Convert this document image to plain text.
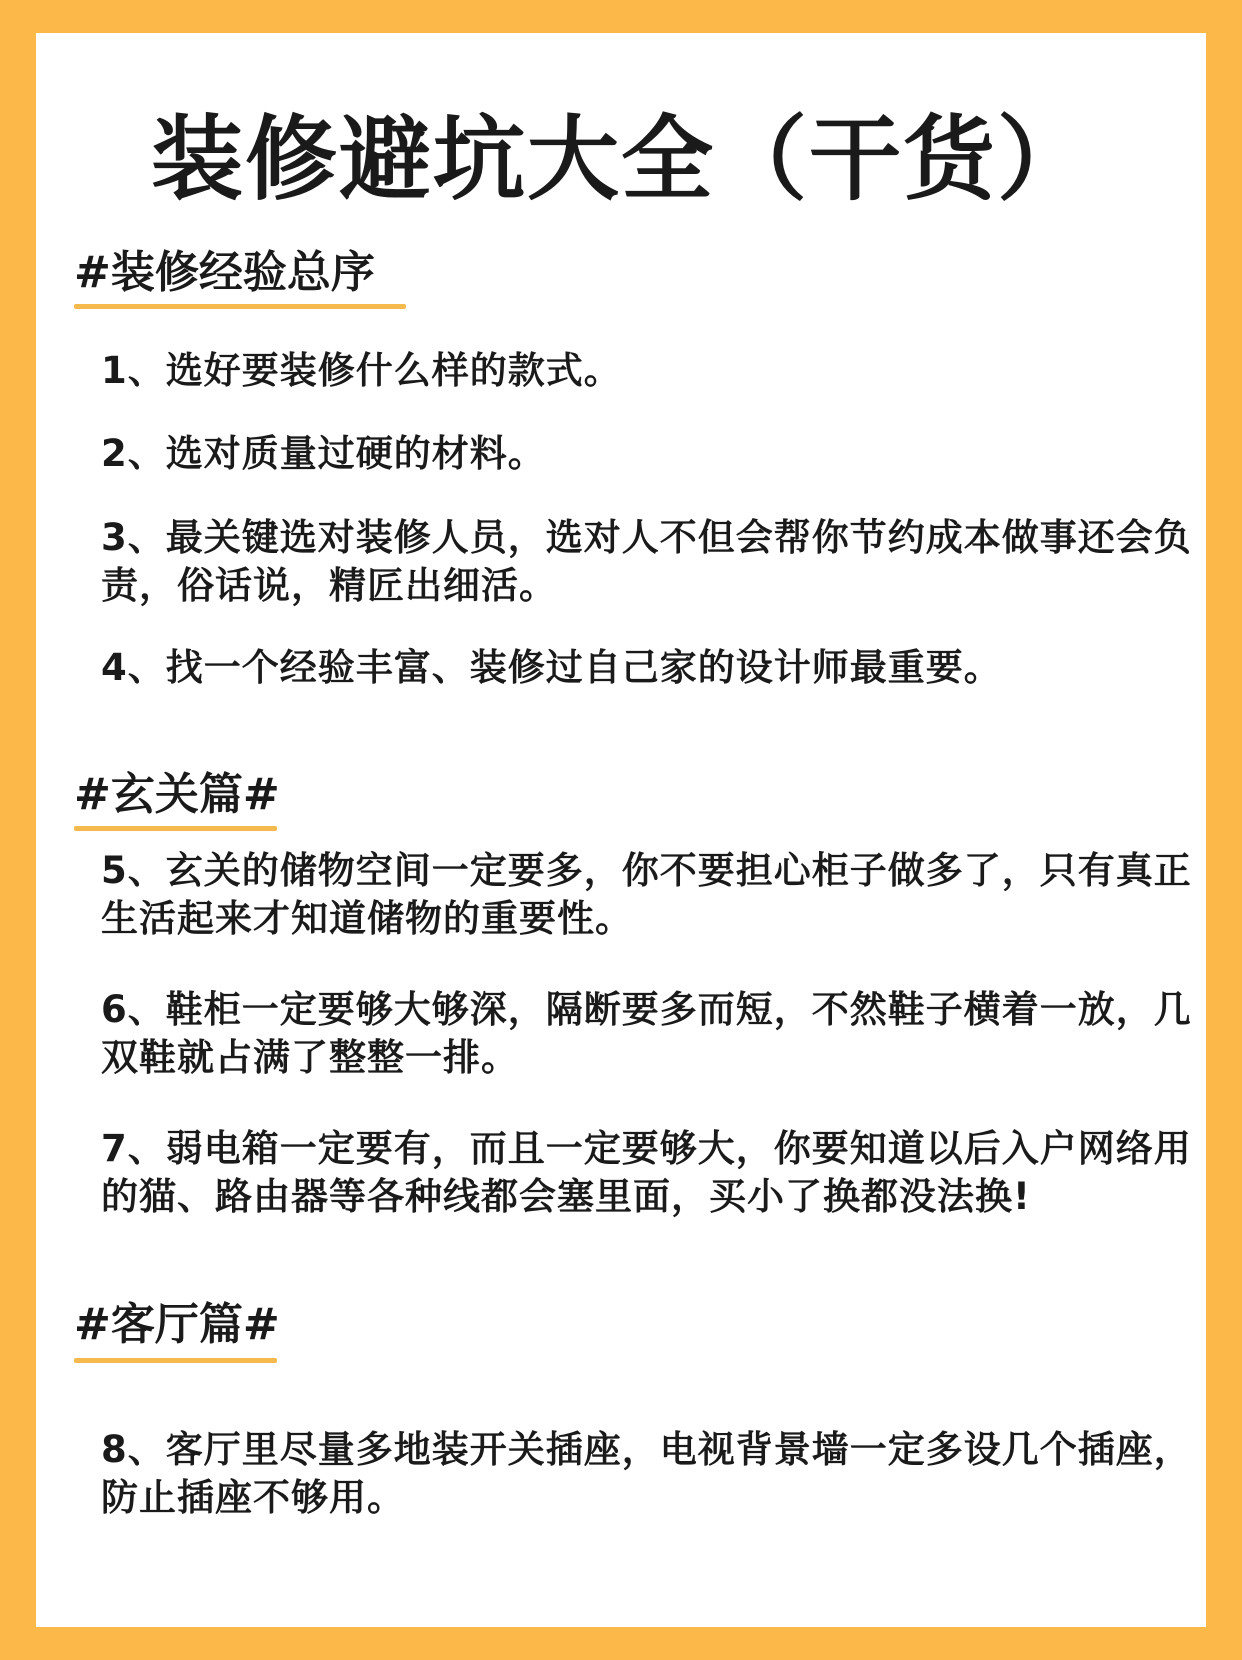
装修避坑大全（干货）
#装修经验总序
1、选好要装修什么样的款式。
2、选对质量过硬的材料。
3、最关键选对装修人员，选对人不但会帮你节约成本做事还会负责，俗话说，精匠出细活。
4、找一个经验丰富、装修过自己家的设计师最重要。
#玄关篇#
5、玄关的储物空间一定要多，你不要担心柜子做多了，只有真正生活起来才知道储物的重要性。
6、鞋柜一定要够大够深，隔断要多而短，不然鞋子横着一放，几双鞋就占满了整整一排。
7、弱电箱一定要有，而且一定要够大，你要知道以后入户网络用的猫、路由器等各种线都会塞里面，买小了换都没法换!
#客厅篇#
8、客厅里尽量多地装开关插座，电视背景墙一定多设几个插座，防止插座不够用。
